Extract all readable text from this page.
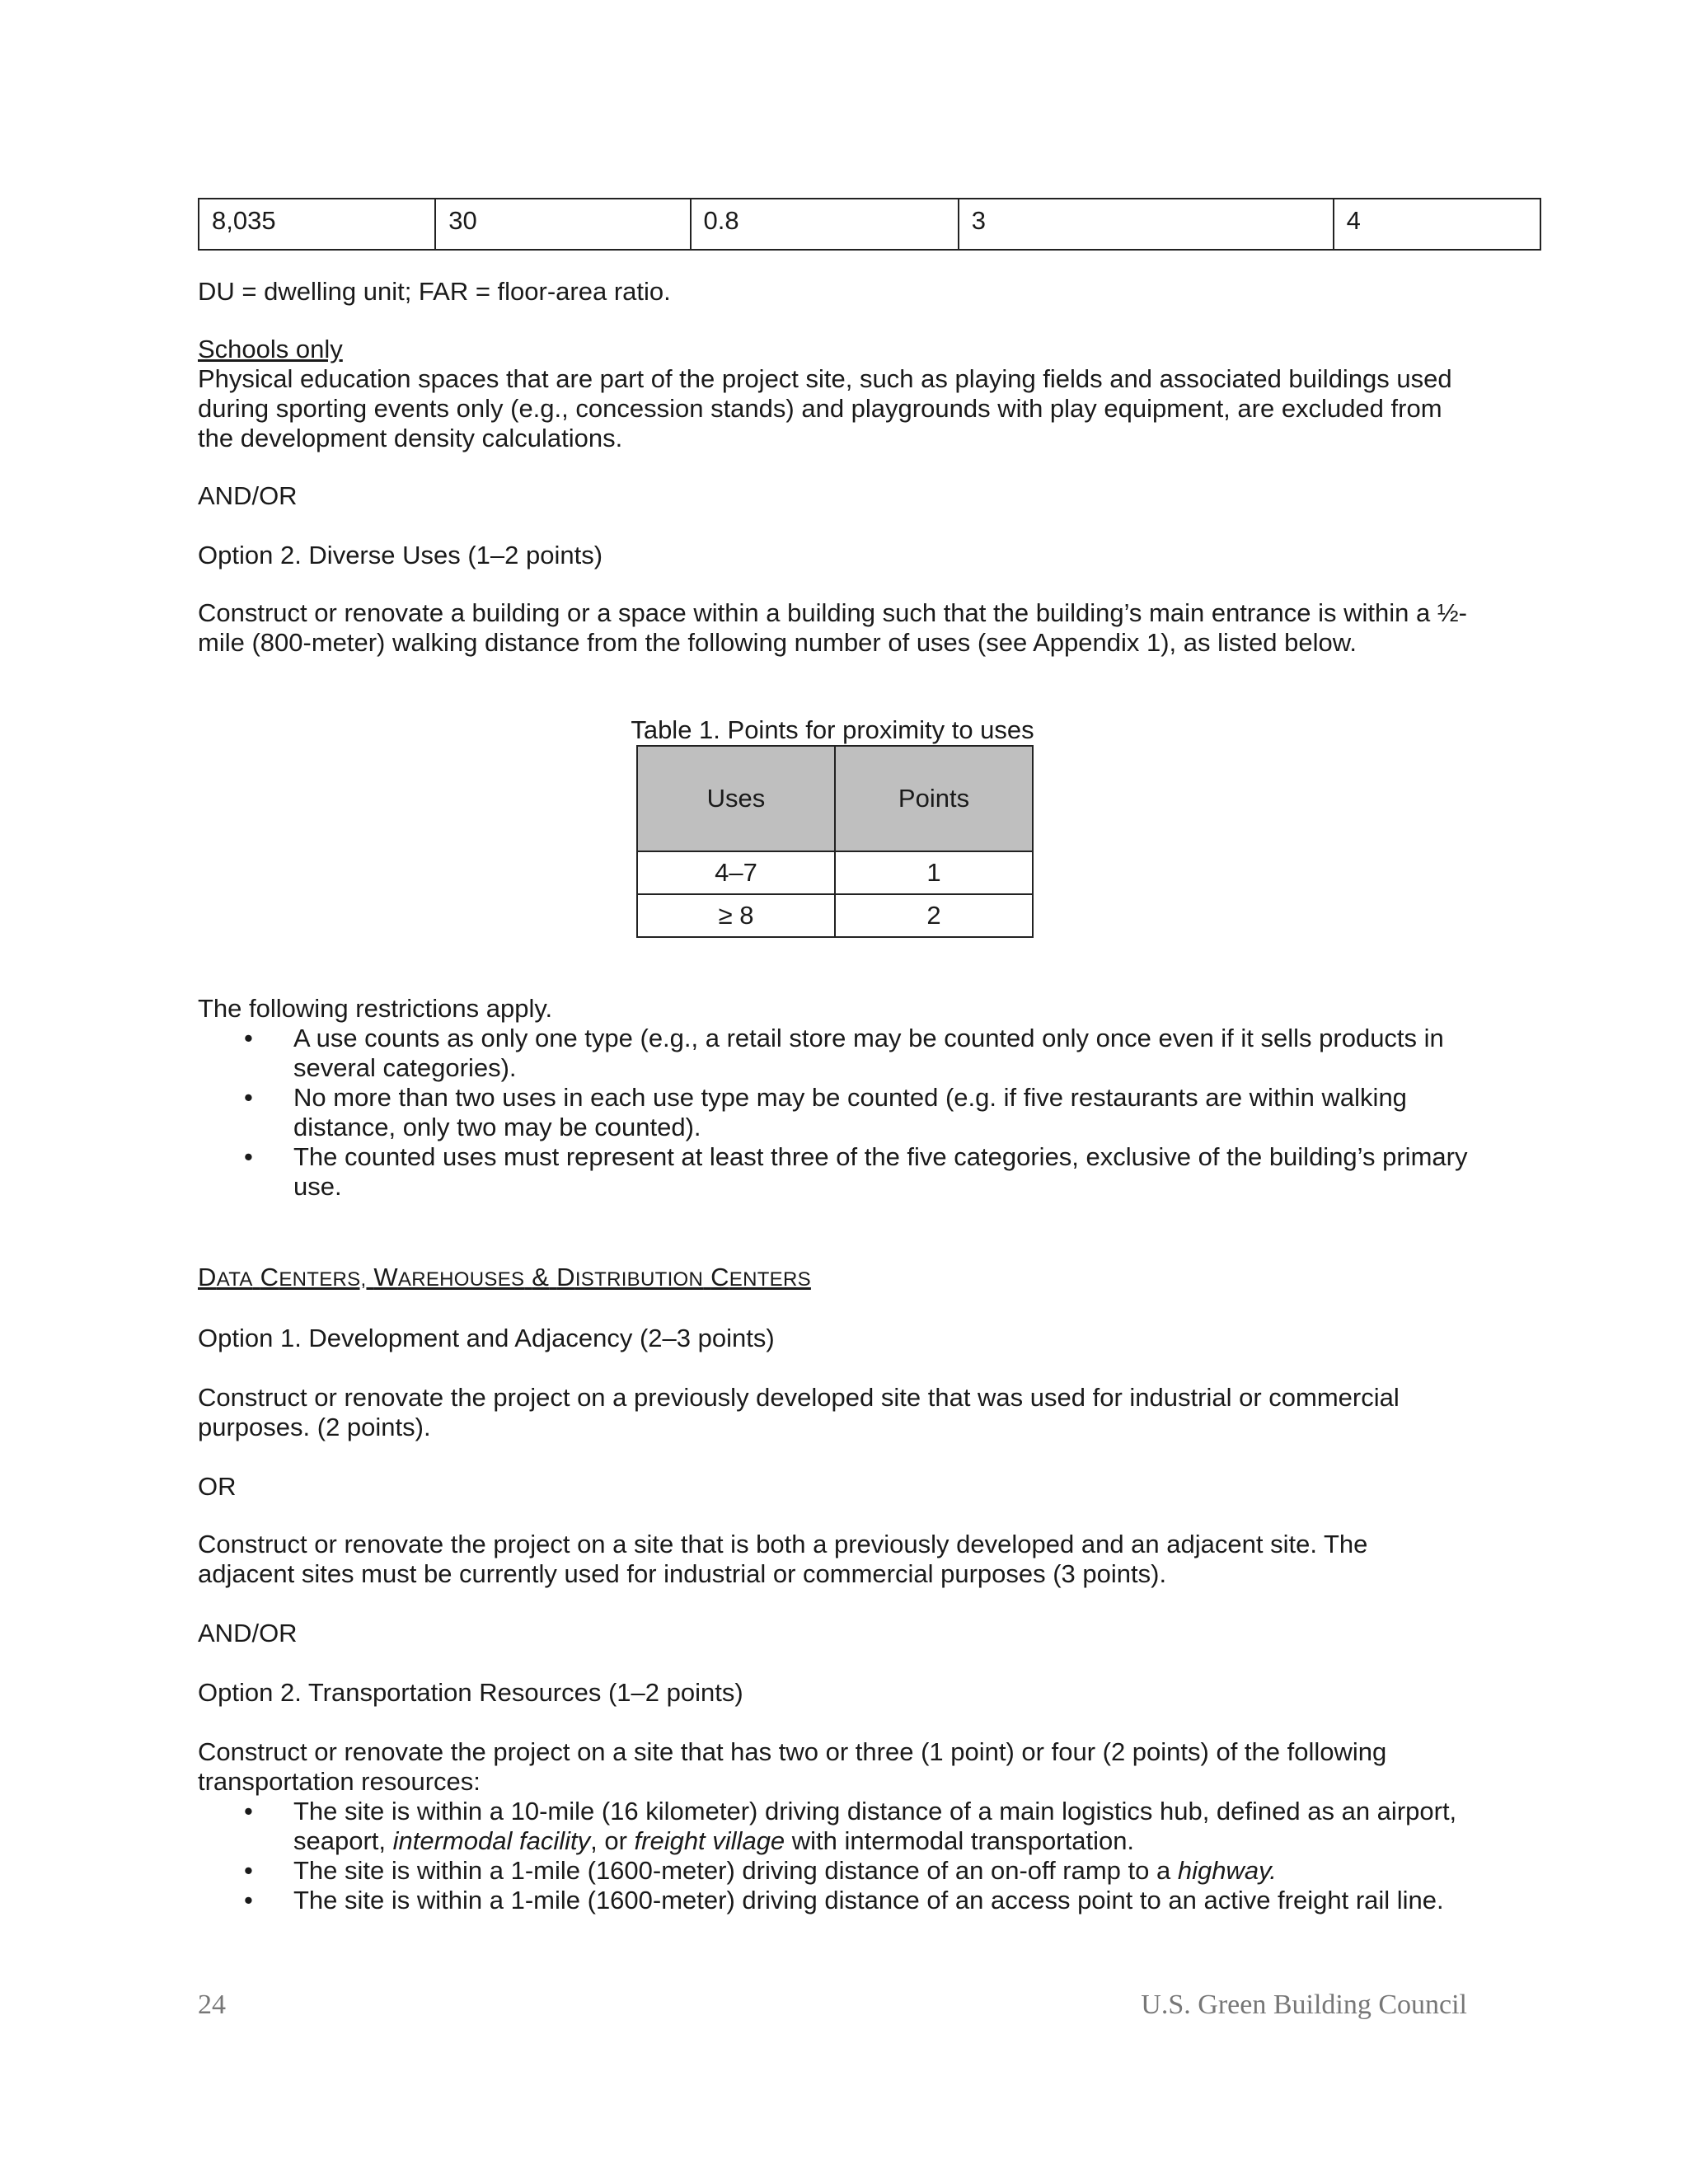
8,035	30	0.8	3	4

DU = dwelling unit; FAR = floor-area ratio.

Schools only

Physical education spaces that are part of the project site, such as playing fields and associated buildings used during sporting events only (e.g., concession stands) and playgrounds with play equipment, are excluded from the development density calculations.

AND/OR

Option 2. Diverse Uses (1–2 points)

Construct or renovate a building or a space within a building such that the building’s main entrance is within a ½-mile (800-meter) walking distance from the following number of uses (see Appendix 1), as listed below.

Table 1. Points for proximity to uses
Uses	Points
4–7	1
≥ 8	2

The following restrictions apply.

• A use counts as only one type (e.g., a retail store may be counted only once even if it sells products in several categories).
• No more than two uses in each use type may be counted (e.g. if five restaurants are within walking distance, only two may be counted).
• The counted uses must represent at least three of the five categories, exclusive of the building’s primary use.
DATA CENTERS, WAREHOUSES & DISTRIBUTION CENTERS

Option 1. Development and Adjacency (2–3 points)

Construct or renovate the project on a previously developed site that was used for industrial or commercial purposes. (2 points).

OR

Construct or renovate the project on a site that is both a previously developed and an adjacent site. The adjacent sites must be currently used for industrial or commercial purposes (3 points).

AND/OR

Option 2. Transportation Resources (1–2 points)

Construct or renovate the project on a site that has two or three (1 point) or four (2 points) of the following transportation resources:

• The site is within a 10-mile (16 kilometer) driving distance of a main logistics hub, defined as an airport, seaport, intermodal facility, or freight village with intermodal transportation.
• The site is within a 1-mile (1600-meter) driving distance of an on-off ramp to a highway.
• The site is within a 1-mile (1600-meter) driving distance of an access point to an active freight rail line.
24	U.S. Green Building Council
